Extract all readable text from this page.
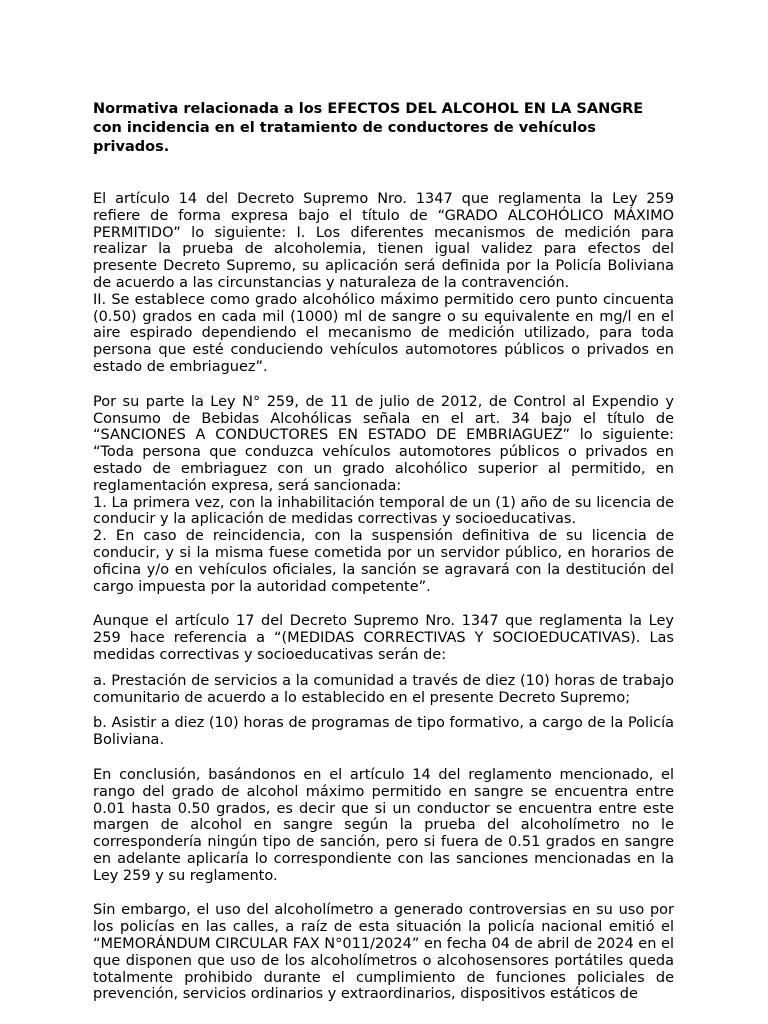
Normativa relacionada a los EFECTOS DEL ALCOHOL EN LA SANGRE con incidencia en el tratamiento de conductores de vehículos privados.

El artículo 14 del Decreto Supremo Nro. 1347 que reglamenta la Ley 259 refiere de forma expresa bajo el título de “GRADO ALCOHÓLICO MÁXIMO PERMITIDO” lo siguiente: I. Los diferentes mecanismos de medición para realizar la prueba de alcoholemia, tienen igual validez para efectos del presente Decreto Supremo, su aplicación será definida por la Policía Boliviana de acuerdo a las circunstancias y naturaleza de la contravención.
II. Se establece como grado alcohólico máximo permitido cero punto cincuenta (0.50) grados en cada mil (1000) ml de sangre o su equivalente en mg/l en el aire espirado dependiendo el mecanismo de medición utilizado, para toda persona que esté conduciendo vehículos automotores públicos o privados en estado de embriaguez”.

Por su parte la Ley N° 259, de 11 de julio de 2012, de Control al Expendio y Consumo de Bebidas Alcohólicas señala en el art. 34 bajo el título de “SANCIONES A CONDUCTORES EN ESTADO DE EMBRIAGUEZ” lo siguiente: “Toda persona que conduzca vehículos automotores públicos o privados en estado de embriaguez con un grado alcohólico superior al permitido, en reglamentación expresa, será sancionada:
1. La primera vez, con la inhabilitación temporal de un (1) año de su licencia de conducir y la aplicación de medidas correctivas y socioeducativas.
2. En caso de reincidencia, con la suspensión definitiva de su licencia de conducir, y si la misma fuese cometida por un servidor público, en horarios de oficina y/o en vehículos oficiales, la sanción se agravará con la destitución del cargo impuesta por la autoridad competente”.

Aunque el artículo 17 del Decreto Supremo Nro. 1347 que reglamenta la Ley 259 hace referencia a “(MEDIDAS CORRECTIVAS Y SOCIOEDUCATIVAS). Las medidas correctivas y socioeducativas serán de:

a. Prestación de servicios a la comunidad a través de diez (10) horas de trabajo comunitario de acuerdo a lo establecido en el presente Decreto Supremo;

b. Asistir a diez (10) horas de programas de tipo formativo, a cargo de la Policía Boliviana.

En conclusión, basándonos en el artículo 14 del reglamento mencionado, el rango del grado de alcohol máximo permitido en sangre se encuentra entre 0.01 hasta 0.50 grados, es decir que si un conductor se encuentra entre este margen de alcohol en sangre según la prueba del alcoholímetro no le correspondería ningún tipo de sanción, pero si fuera de 0.51 grados en sangre en adelante aplicaría lo correspondiente con las sanciones mencionadas en la Ley 259 y su reglamento.

Sin embargo, el uso del alcoholímetro a generado controversias en su uso por los policías en las calles, a raíz de esta situación la policía nacional emitió el “MEMORÁNDUM CIRCULAR FAX N°011/2024” en fecha 04 de abril de 2024 en el que disponen que uso de los alcoholímetros o alcohosensores portátiles queda totalmente prohibido durante el cumplimiento de funciones policiales de prevención, servicios ordinarios y extraordinarios, dispositivos estáticos de
